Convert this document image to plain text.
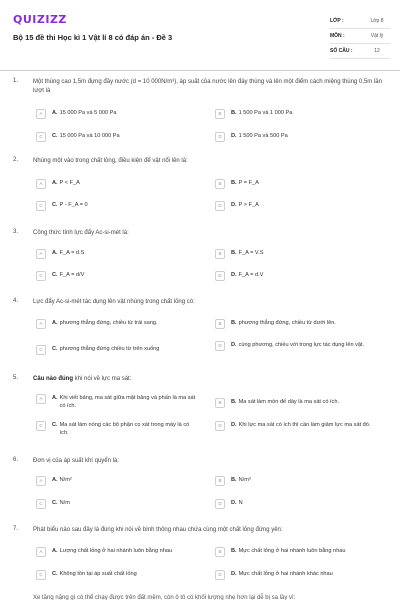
QUIZIZZ
Bộ 15 đề thi Học kì 1 Vật lí 8 có đáp án - Đề 3
LỚP :	Lớp 8
MÔN :	Vật lý
SỐ CÂU :	12
1. Một thùng cao 1,5m đựng đầy nước (d = 10 000N/m³), áp suất của nước lên đáy thùng và lên một điểm cách miệng thùng 0,5m lần lượt là
A	A. 15 000 Pa và 5 000 Pa	B	B. 1 500 Pa và 1 000 Pa
C	C. 15 000 Pa và 10 000 Pa	D	D. 1 500 Pa và 500 Pa
2. Nhúng một vào trong chất lỏng, điều kiện để vật nổi lên là:
A	A. P < F_A	B	B. P = F_A
C	C. P - F_A = 0	D	D. P > F_A
3. Công thức tính lực đẩy Ac-si-mét là:
A	A. F_A = d.S	B	B. F_A = V.S
C	C. F_A = d/V	D	D. F_A = d.V
4. Lực đẩy Ac-si-mét tác dụng lên vật nhúng trong chất lỏng có:
A	A. phương thẳng đứng, chiều từ trái sang.	B	B. phương thẳng đứng, chiều từ dưới lên.
C	C. phương thẳng đứng chiều từ trên xuống
D	D. cùng phương, chiều với trọng lực tác dụng lên vật.
5. Câu nào đúng khi nói về lực ma sát:
A	A. Khi viết bảng, ma sát giữa mặt bảng và phấn là ma sát có ích.	B	B. Ma sát làm mòn đế dày là ma sát có ích.
C	C. Ma sát làm nóng các bộ phận cọ xát trong máy là có ích.
D	D. Khi lực ma sát có ích thì cần làm giảm lực ma sát đó.
6. Đơn vị của áp suất khí quyển là:
A	A. N/m²	B	B. N/m³
C	C. N/m	D	D. N
7. Phát biểu nào sau đây là đúng khi nói về bình thông nhau chứa cùng một chất lỏng đứng yên:
A	A. Lượng chất lỏng ở hai nhánh luôn bằng nhau	B	B. Mực chất lỏng ở hai nhánh luôn bằng nhau
C	C. Không tồn tại áp suất chất lỏng	D	D. Mực chất lỏng ở hai nhánh khác nhau
Xe tăng nặng gì có thể chạy được trên đất mềm, còn ô tô có khối lượng nhẹ hơn lại dễ bị sa lầy vì:
